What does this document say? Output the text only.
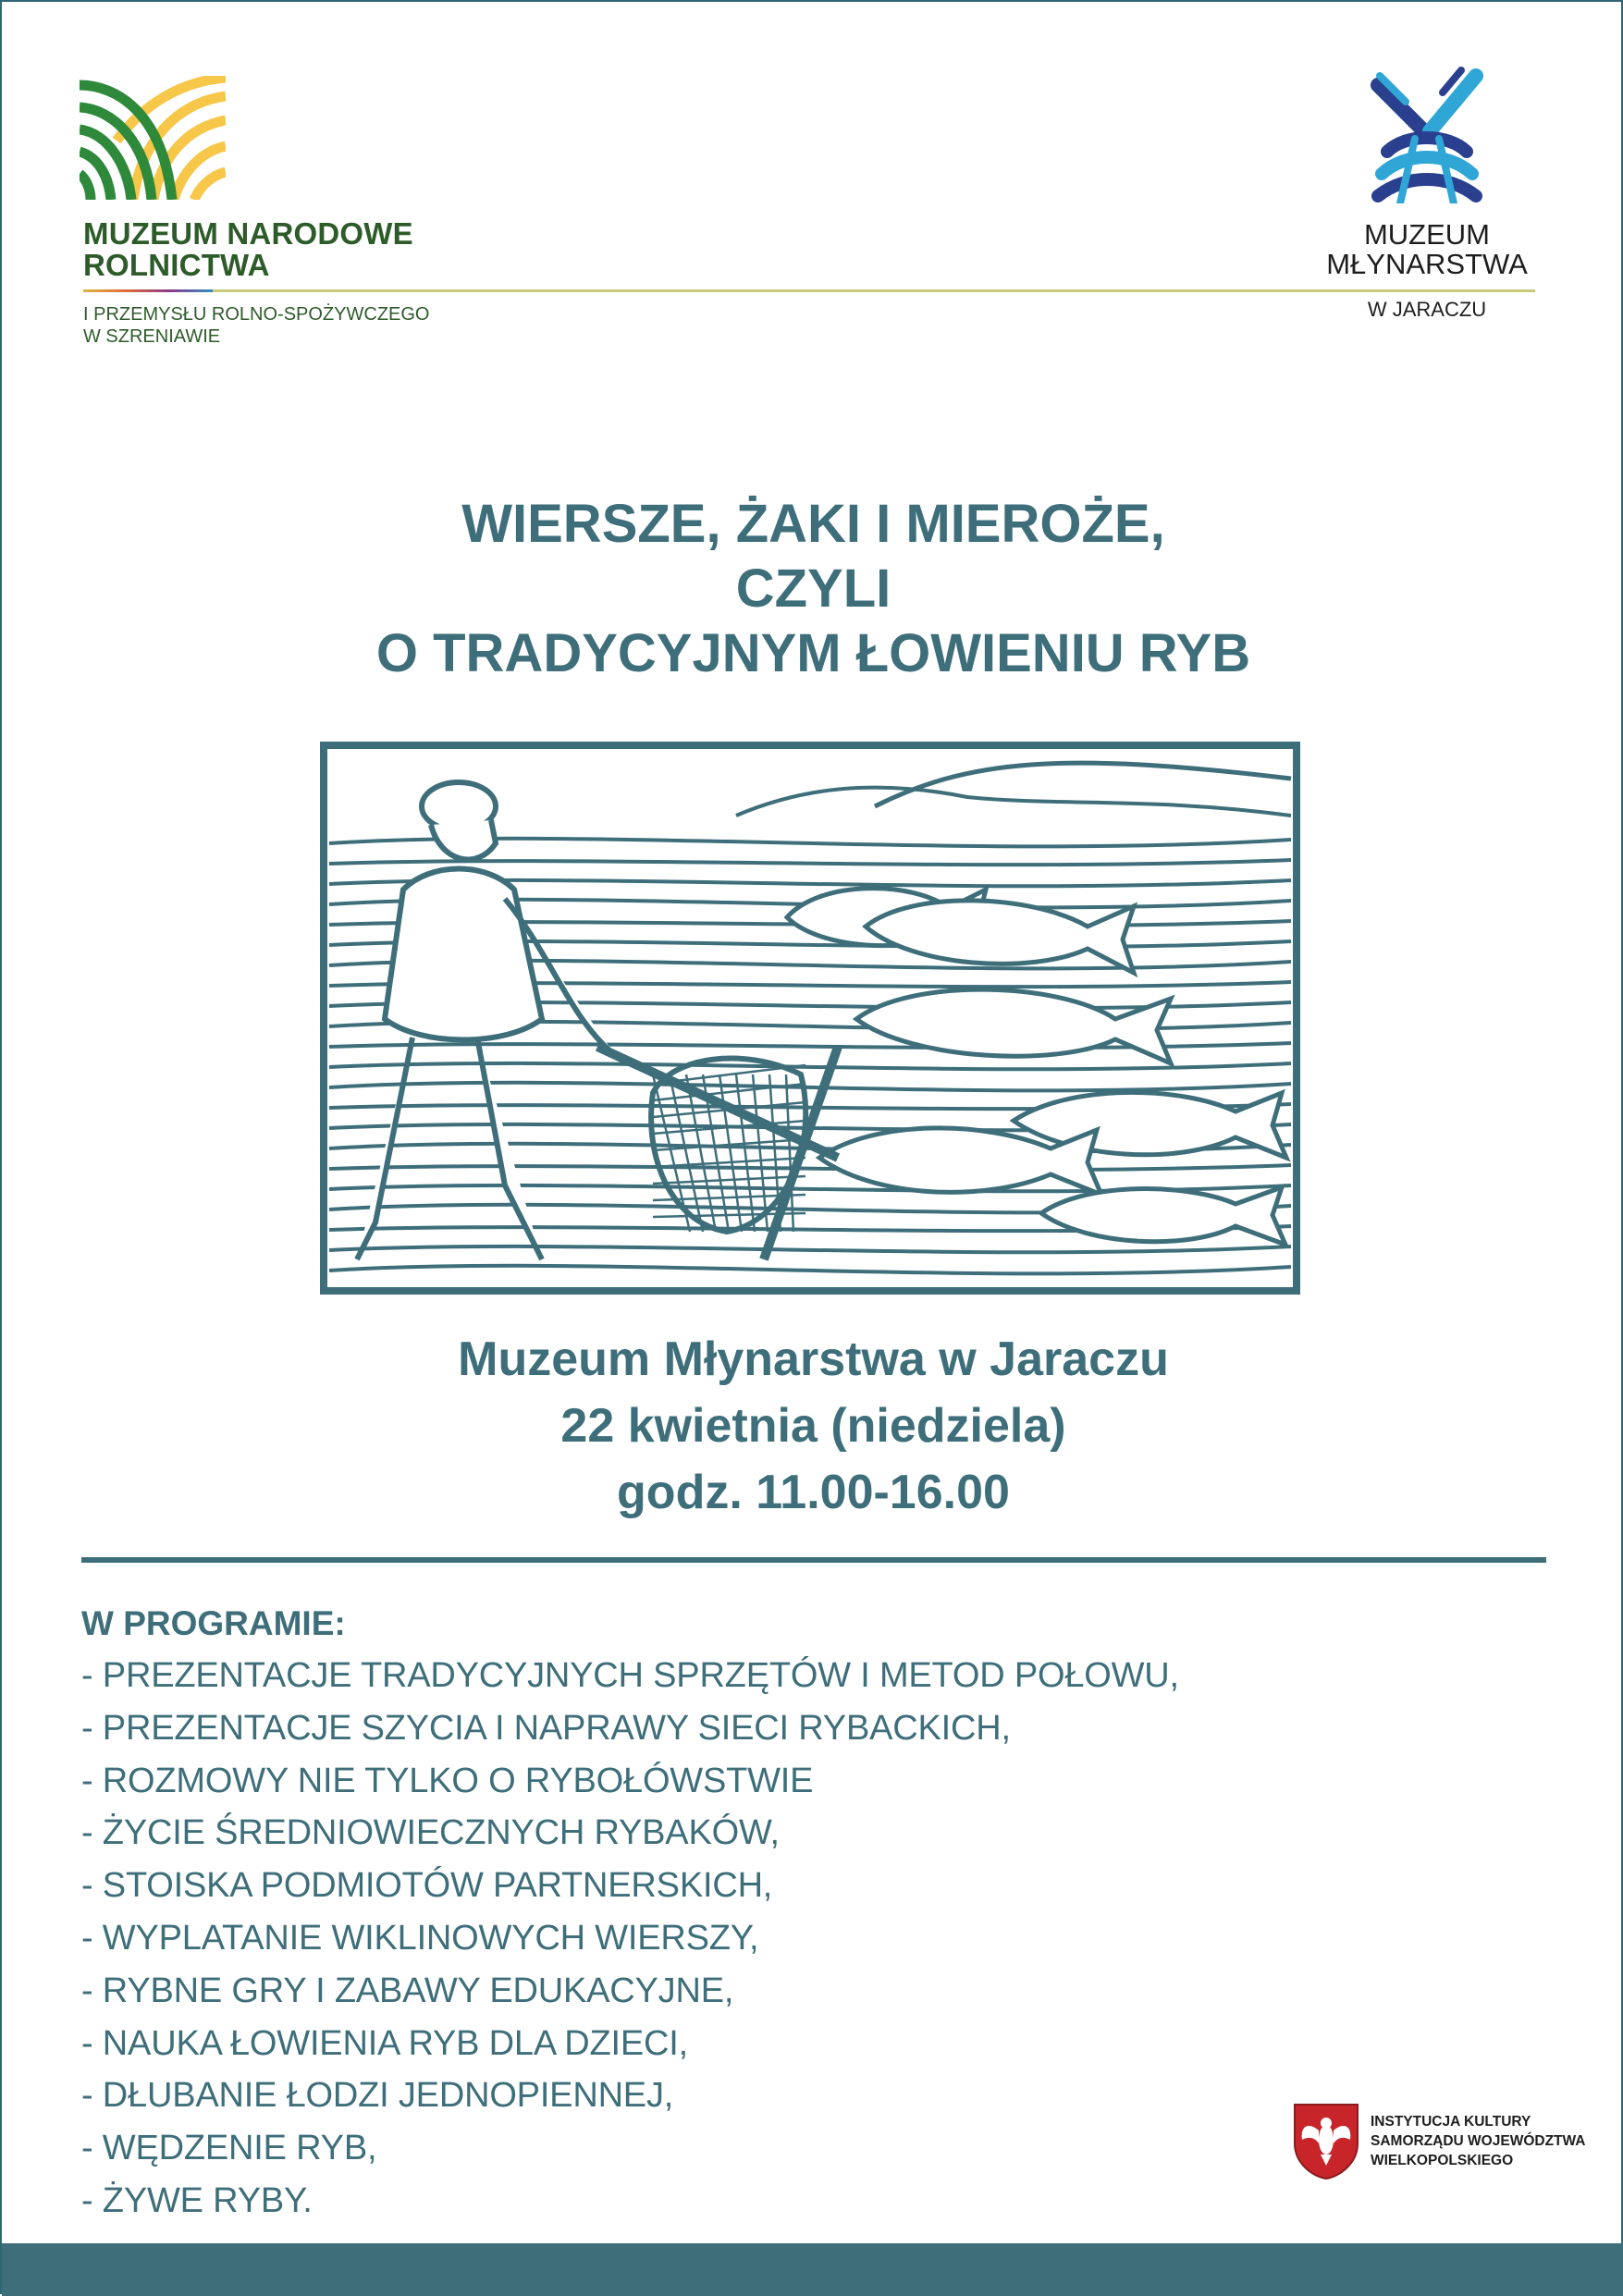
MUZEUM NARODOWE
ROLNICTWA
I PRZEMYSŁU ROLNO-SPOŻYWCZEGO
W SZRENIAWIE
MUZEUM
MŁYNARSTWA
W JARACZU
WIERSZE, ŻAKI I MIEROŻE,
CZYLI
O TRADYCYJNYM ŁOWIENIU RYB
Muzeum Młynarstwa w Jaraczu
22 kwietnia (niedziela)
godz. 11.00-16.00
W PROGRAMIE:
- PREZENTACJE TRADYCYJNYCH SPRZĘTÓW I METOD POŁOWU,
- PREZENTACJE SZYCIA I NAPRAWY SIECI RYBACKICH,
- ROZMOWY NIE TYLKO O RYBOŁÓWSTWIE
- ŻYCIE ŚREDNIOWIECZNYCH RYBAKÓW,
- STOISKA PODMIOTÓW PARTNERSKICH,
- WYPLATANIE WIKLINOWYCH WIERSZY,
- RYBNE GRY I ZABAWY EDUKACYJNE,
- NAUKA ŁOWIENIA RYB DLA DZIECI,
- DŁUBANIE ŁODZI JEDNOPIENNEJ,
- WĘDZENIE RYB,
- ŻYWE RYBY.
INSTYTUCJA KULTURY
SAMORZĄDU WOJEWÓDZTWA
WIELKOPOLSKIEGO
